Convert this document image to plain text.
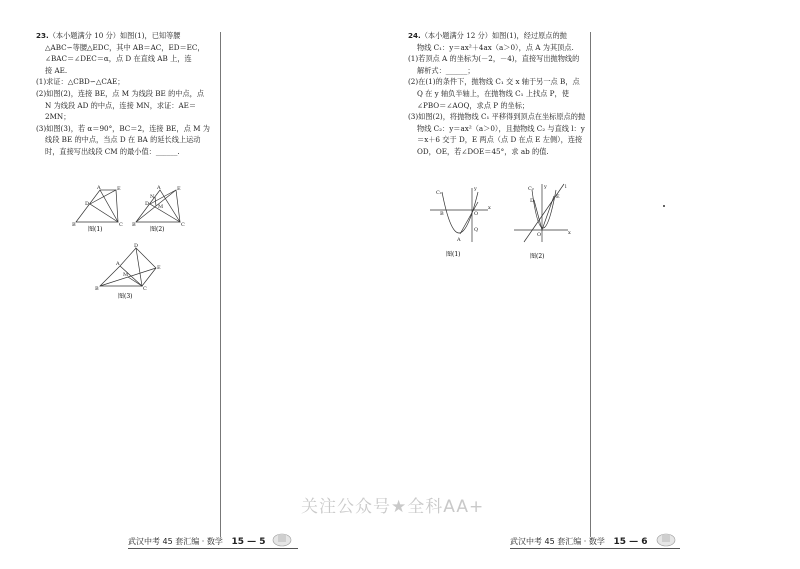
23.（本小题满分 10 分）如图(1)，已知等腰

△ABC∽等腰△EDC，其中 AB＝AC，ED＝EC，

∠BAC＝∠DEC＝α，点 D 在直线 AB 上，连

接 AE.

(1)求证：△CBD∽△CAE；

(2)如图(2)，连接 BE，点 M 为线段 BE 的中点，点 N 为线段 AD 的中点，连接 MN，求证：AE＝2MN；

(3)如图(3)，若 α＝90°，BC＝2，连接 BE，点 M 为线段 BE 的中点，当点 D 在 BA 的延长线上运动时，直接写出线段 CM 的最小值：______.

B
A	E
D
C
图(1)
B
A	E
D
C
N
M
图(2)
B
A
D
E
C
M
图(3)

24.（本小题满分 12 分）如图(1)，经过原点的抛

物线 C₁：y＝ax²＋4ax（a＞0），点 A 为其顶点.

(1)若顶点 A 的坐标为(－2，－4)，直接写出抛物线的解析式：______；

(2)在(1)的条件下，抛物线 C₁ 交 x 轴于另一点 B，点 Q 在 y 轴负半轴上，在抛物线 C₁ 上找点 P，使∠PBO＝∠AOQ，求点 P 的坐标；

(3)如图(2)，将抛物线 C₁ 平移得到顶点在坐标原点的抛物线 C₂：y＝ax²（a＞0），且抛物线 C₂ 与直线 l：y＝x＋6 交于 D，E 两点（点 D 在点 E 左侧），连接 OD，OE，若∠DOE＝45°，求 ab 的值.

C₁
B
A
O
Q
x
y
图(1)
C₂	l
D
E
O	x
y
图(2)
关注公众号★全科AA+
武汉中考 45 套汇编 · 数学 15 — 5	武汉中考 45 套汇编 · 数学 15 — 6
